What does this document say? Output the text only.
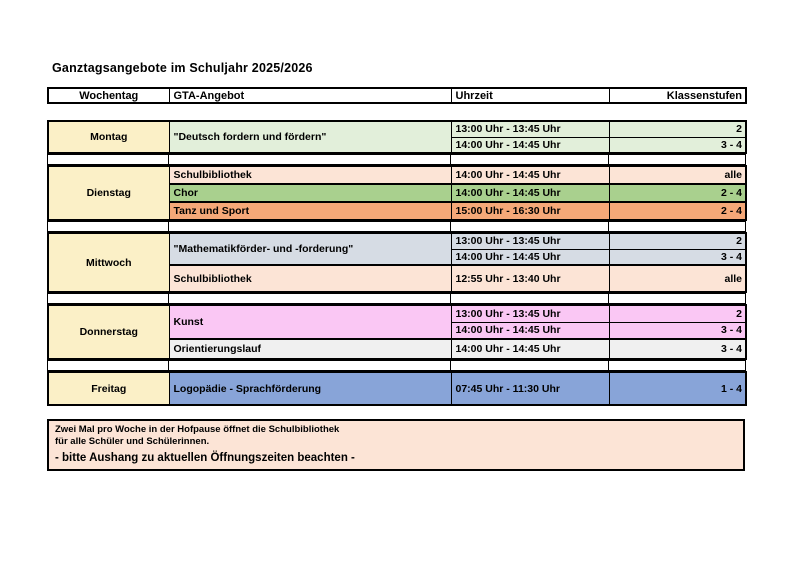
Ganztagsangebote im Schuljahr 2025/2026
Wochentag	GTA-Angebot	Uhrzeit	Klassenstufen
Montag	"Deutsch fordern und fördern"	13:00 Uhr - 13:45 Uhr	2
		14:00 Uhr - 14:45 Uhr	3 - 4

Dienstag	Schulbibliothek	14:00 Uhr - 14:45 Uhr	alle
	Chor	14:00 Uhr - 14:45 Uhr	2 - 4
	Tanz und Sport	15:00 Uhr - 16:30 Uhr	2 - 4

Mittwoch	"Mathematikförder- und -forderung"	13:00 Uhr - 13:45 Uhr	2
		14:00 Uhr - 14:45 Uhr	3 - 4
	Schulbibliothek	12:55 Uhr - 13:40 Uhr	alle

Donnerstag	Kunst	13:00 Uhr - 13:45 Uhr	2
		14:00 Uhr - 14:45 Uhr	3 - 4
	Orientierungslauf	14:00 Uhr - 14:45 Uhr	3 - 4

Freitag	Logopädie - Sprachförderung	07:45 Uhr - 11:30 Uhr	1 - 4
Zwei Mal pro Woche in der Hofpause öffnet die Schulbibliothek
für alle Schüler und Schülerinnen.
- bitte Aushang zu aktuellen Öffnungszeiten beachten -
